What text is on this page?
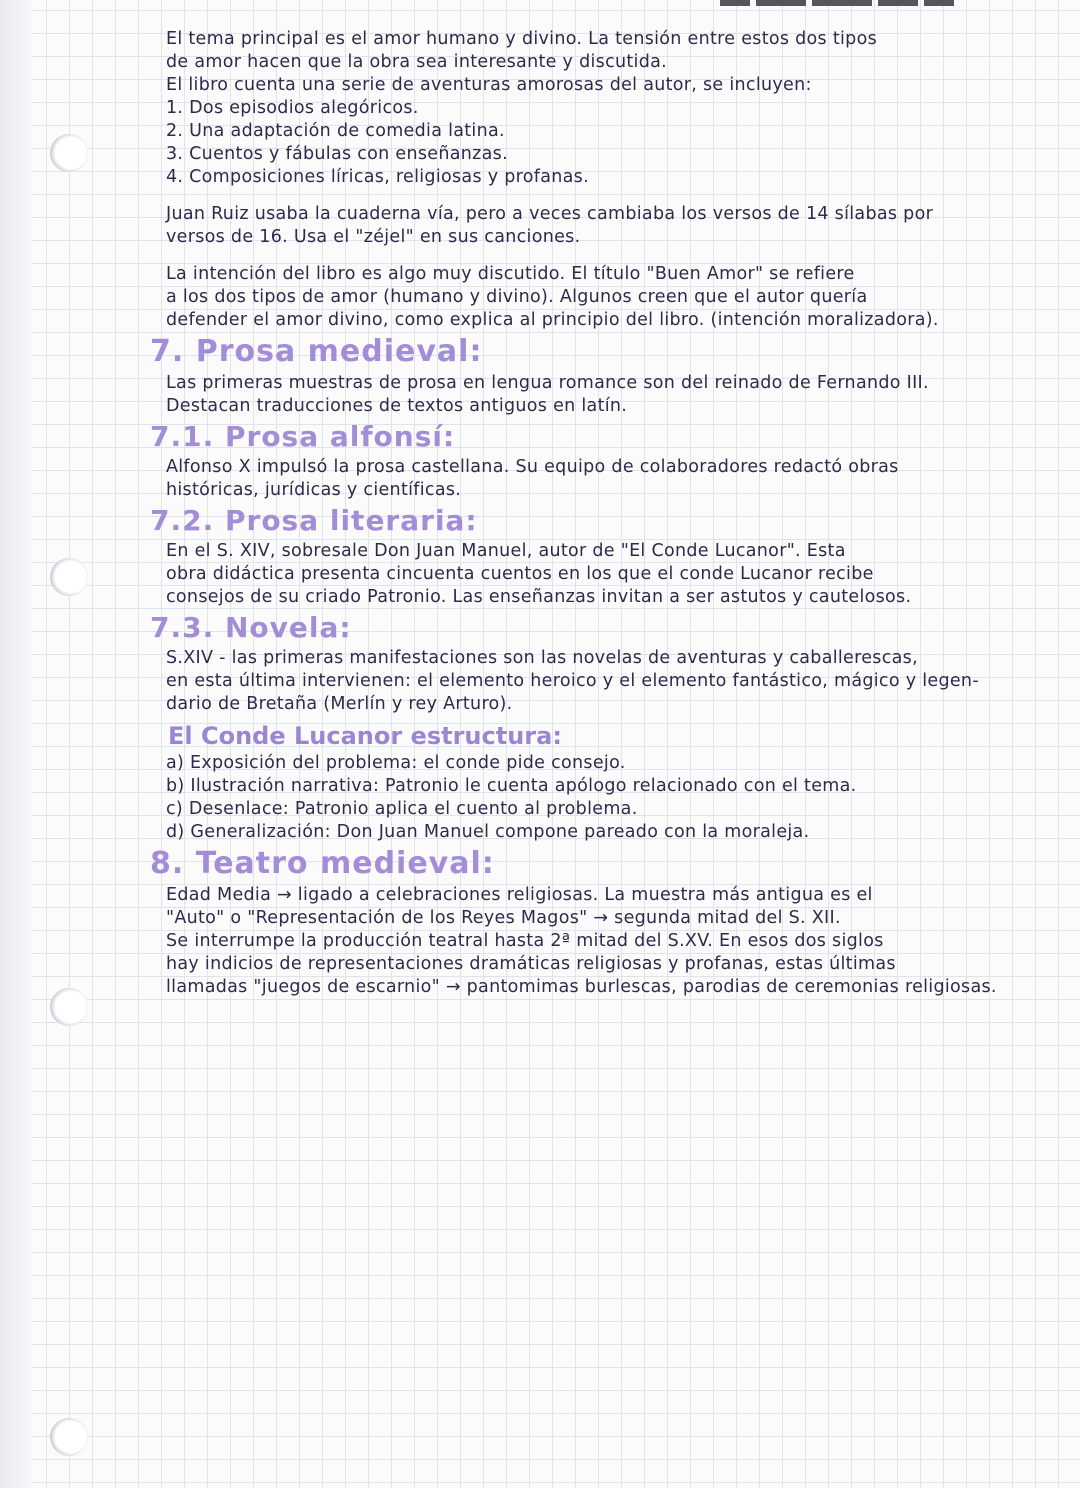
El tema principal es el amor humano y divino. La tensión entre estos dos tipos

de amor hacen que la obra sea interesante y discutida.

El libro cuenta una serie de aventuras amorosas del autor, se incluyen:

1. Dos episodios alegóricos.
2. Una adaptación de comedia latina.
3. Cuentos y fábulas con enseñanzas.
4. Composiciones líricas, religiosas y profanas.

Juan Ruiz usaba la cuaderna vía, pero a veces cambiaba los versos de 14 sílabas por

versos de 16. Usa el "zéjel" en sus canciones.

La intención del libro es algo muy discutido. El título "Buen Amor" se refiere

a los dos tipos de amor (humano y divino). Algunos creen que el autor quería

defender el amor divino, como explica al principio del libro. (intención moralizadora).

7. Prosa medieval:

Las primeras muestras de prosa en lengua romance son del reinado de Fernando III.

Destacan traducciones de textos antiguos en latín.

7.1. Prosa alfonsí:

Alfonso X impulsó la prosa castellana. Su equipo de colaboradores redactó obras

históricas, jurídicas y científicas.

7.2. Prosa literaria:

En el S. XIV, sobresale Don Juan Manuel, autor de "El Conde Lucanor". Esta

obra didáctica presenta cincuenta cuentos en los que el conde Lucanor recibe

consejos de su criado Patronio. Las enseñanzas invitan a ser astutos y cautelosos.

7.3. Novela:

S.XIV - las primeras manifestaciones son las novelas de aventuras y caballerescas,

en esta última intervienen: el elemento heroico y el elemento fantástico, mágico y legen-

dario de Bretaña (Merlín y rey Arturo).

El Conde Lucanor estructura:

a) Exposición del problema: el conde pide consejo.

b) Ilustración narrativa: Patronio le cuenta apólogo relacionado con el tema.

c) Desenlace: Patronio aplica el cuento al problema.

d) Generalización: Don Juan Manuel compone pareado con la moraleja.

8. Teatro medieval:

Edad Media → ligado a celebraciones religiosas. La muestra más antigua es el

"Auto" o "Representación de los Reyes Magos" → segunda mitad del S. XII.

Se interrumpe la producción teatral hasta 2ª mitad del S.XV. En esos dos siglos

hay indicios de representaciones dramáticas religiosas y profanas, estas últimas

llamadas "juegos de escarnio" → pantomimas burlescas, parodias de ceremonias religiosas.
